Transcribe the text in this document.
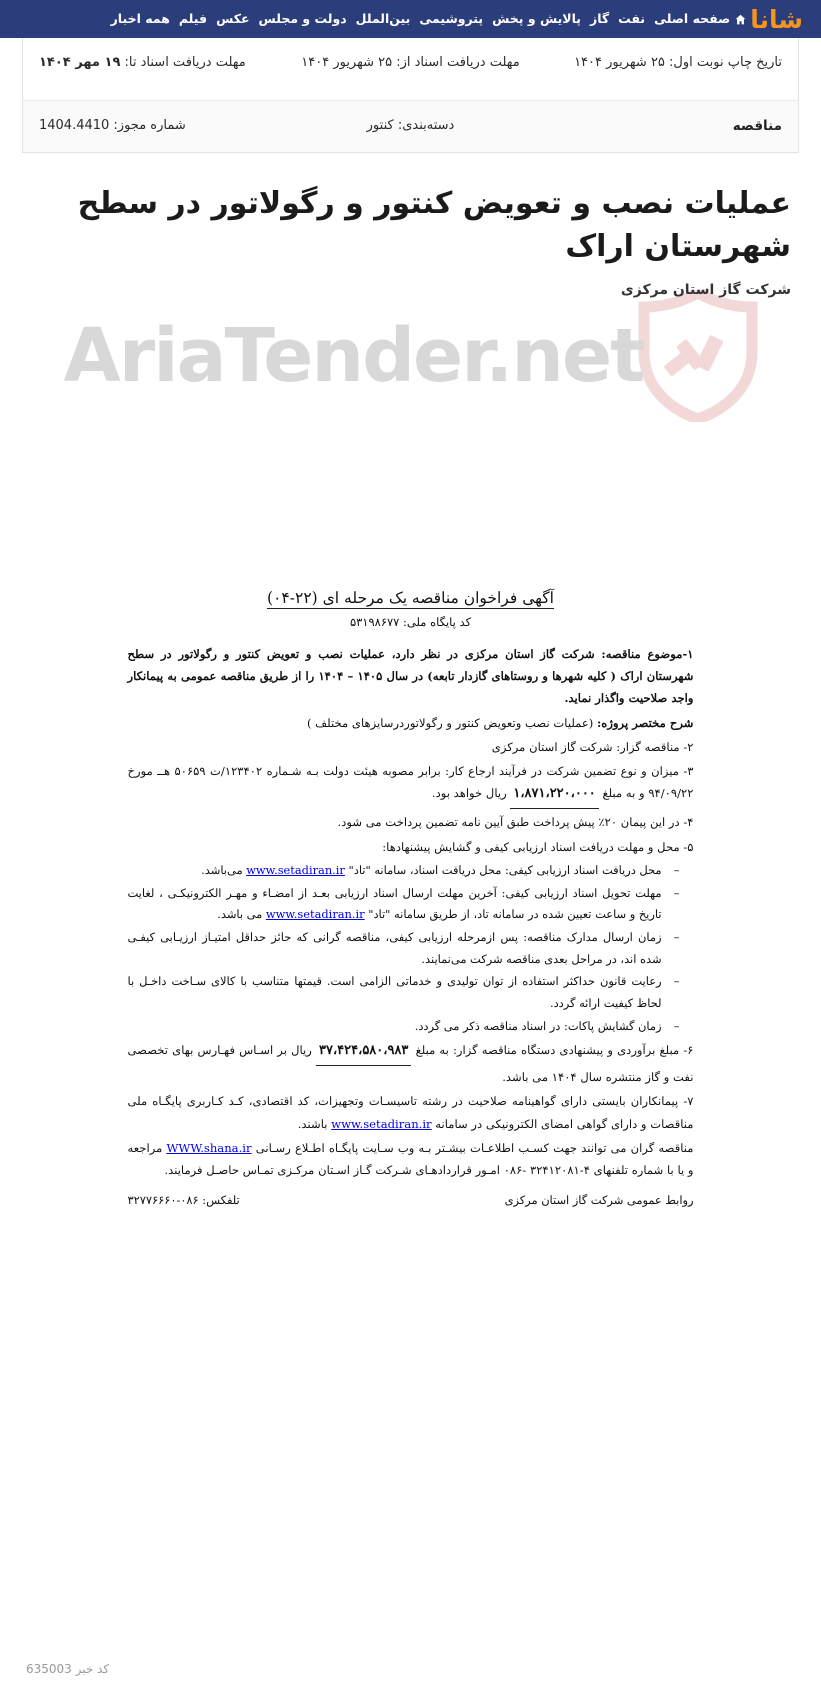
شانا
صفحه اصلی
نفت
گاز
پالایش و پخش
پتروشیمی
بین‌الملل
دولت و مجلس
عکس
فیلم
همه اخبار
تاریخ چاپ نوبت اول: ۲۵ شهریور ۱۴۰۴
مهلت دریافت اسناد از: ۲۵ شهریور ۱۴۰۴
مهلت دریافت اسناد تا: ۱۹ مهر ۱۴۰۴
مناقصه
دسته‌بندی: کنتور
شماره مجوز: 1404.4410
عملیات نصب و تعویض کنتور و رگولاتور در سطح شهرستان اراک
شرکت گاز استان مرکزی
AriaTender.net
آگهی فراخوان مناقصه یک مرحله ای (۲۲-۰۴)
کد پایگاه ملی: ۵۳۱۹۸۶۷۷

۱-موضوع مناقصه: شرکت گاز استان مرکزی در نظر دارد، عملیات نصب و تعویض کنتور و رگولاتور در سطح شهرستان اراک ( کلیه شهرها و روستاهای گازدار تابعه) در سال ۱۴۰۵ – ۱۴۰۴ را از طریق مناقصه عمومی به پیمانکار واجد صلاحیت واگذار نماید.

شرح مختصر پروژه: (عملیات نصب وتعویض کنتور و رگولاتوردرسایزهای مختلف )

۲- مناقصه گزار: شرکت گاز استان مرکزی

۳- میزان و نوع تضمین شرکت در فرآیند ارجاع کار: برابر مصوبه هیئت دولت بـه شـماره ۱۲۳۴۰۲/ت ۵۰۶۵۹ هــ مورخ ۹۴/۰۹/۲۲ و به مبلغ ۱،۸۷۱،۲۲۰،۰۰۰ ریال خواهد بود.

۴- در این پیمان ۲۰٪ پیش پرداخت طبق آیین نامه تضمین پرداخت می شود.

۵- محل و مهلت دریافت اسناد ارزیابی کیفی و گشایش پیشنهادها:

– محل دریافت اسناد ارزیابی کیفی: محل دریافت اسناد، سامانه "تاد" www.setadiran.ir می‌باشد.
– مهلت تحویل اسناد ارزیابی کیفی: آخرین مهلت ارسال اسناد ارزیابی بعـد از امضـاء و مهـر الکترونیکـی ، لغایت تاریخ و ساعت تعیین شده در سامانه تاد، از طریق سامانه "تاد" www.setadiran.ir می باشد.
– زمان ارسال مدارک مناقصه: پس ازمرحله ارزیابی کیفی، مناقصه گرانی که حائز حداقل امتیـاز ارزیـابی کیفـی شده اند، در مراحل بعدی مناقصه شرکت می‌نمایند.
– رعایت قانون حداکثر استفاده از توان تولیدی و خدماتی الزامی است. قیمتها متناسب با کالای سـاخت داخـل با لحاظ کیفیت ارائه گردد.
– زمان گشایش پاکات: در اسناد مناقصه ذکر می گردد.

۶- مبلغ برآوردی و پیشنهادی دستگاه مناقصه گزار: به مبلغ ۳۷،۴۲۴،۵۸۰،۹۸۳ ریال بر اسـاس فهـارس بهای تخصصی نفت و گاز منتشره سال ۱۴۰۴ می باشد.

۷- پیمانکاران بایستی دارای گواهینامه صلاحیت در رشته تاسیسـات وتجهیزات، کد اقتصادی، کـد کـاربری پایگـاه ملی مناقصات و دارای گواهی امضای الکترونیکی در سامانه www.setadiran.ir باشند.

مناقصه گران می توانند جهت کسـب اطلاعـات بیشـتر بـه وب سـایت پایگـاه اطـلاع رسـانی WWW.shana.ir مراجعه و یا با شماره تلفنهای ۴-۳۲۴۱۲۰۸۱ -۰۸۶ امـور قراردادهـای شـرکت گـاز اسـتان مرکـزی تمـاس حاصـل فرمایند.

روابط عمومی شرکت گاز استان مرکزی
تلفکس: ۰۸۶-۳۲۷۷۶۶۶۰
کد خبر 635003
